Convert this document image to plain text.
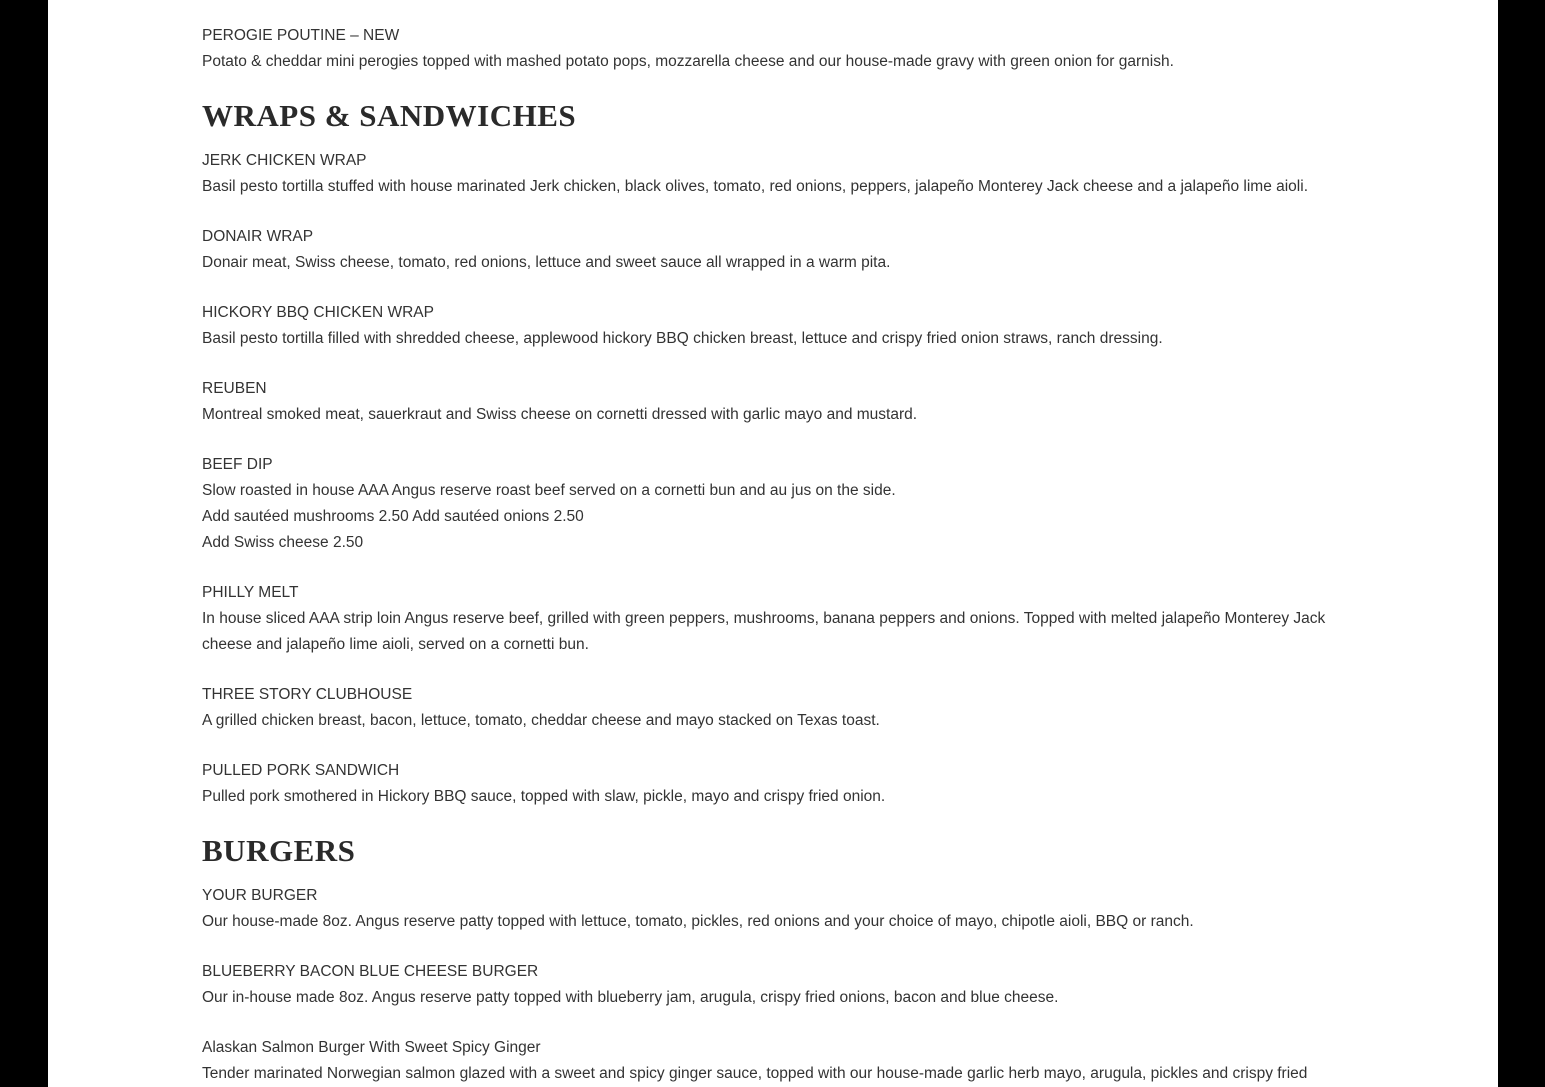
PEROGIE POUTINE – NEW
Potato & cheddar mini perogies topped with mashed potato pops, mozzarella cheese and our house-made gravy with green onion for garnish.
WRAPS & SANDWICHES
JERK CHICKEN WRAP
Basil pesto tortilla stuffed with house marinated Jerk chicken, black olives, tomato, red onions, peppers, jalapeño Monterey Jack cheese and a jalapeño lime aioli.
DONAIR WRAP
Donair meat, Swiss cheese, tomato, red onions, lettuce and sweet sauce all wrapped in a warm pita.
HICKORY BBQ CHICKEN WRAP
Basil pesto tortilla filled with shredded cheese, applewood hickory BBQ chicken breast, lettuce and crispy fried onion straws, ranch dressing.
REUBEN
Montreal smoked meat, sauerkraut and Swiss cheese on cornetti dressed with garlic mayo and mustard.
BEEF DIP
Slow roasted in house AAA Angus reserve roast beef served on a cornetti bun and au jus on the side.
Add sautéed mushrooms 2.50 Add sautéed onions 2.50
Add Swiss cheese 2.50
PHILLY MELT
In house sliced AAA strip loin Angus reserve beef, grilled with green peppers, mushrooms, banana peppers and onions. Topped with melted jalapeño Monterey Jack cheese and jalapeño lime aioli, served on a cornetti bun.
THREE STORY CLUBHOUSE
A grilled chicken breast, bacon, lettuce, tomato, cheddar cheese and mayo stacked on Texas toast.
PULLED PORK SANDWICH
Pulled pork smothered in Hickory BBQ sauce, topped with slaw, pickle, mayo and crispy fried onion.
BURGERS
YOUR BURGER
Our house-made 8oz. Angus reserve patty topped with lettuce, tomato, pickles, red onions and your choice of mayo, chipotle aioli, BBQ or ranch.
BLUEBERRY BACON BLUE CHEESE BURGER
Our in-house made 8oz. Angus reserve patty topped with blueberry jam, arugula, crispy fried onions, bacon and blue cheese.
Alaskan Salmon Burger With Sweet Spicy Ginger
Tender marinated Norwegian salmon glazed with a sweet and spicy ginger sauce, topped with our house-made garlic herb mayo, arugula, pickles and crispy fried
